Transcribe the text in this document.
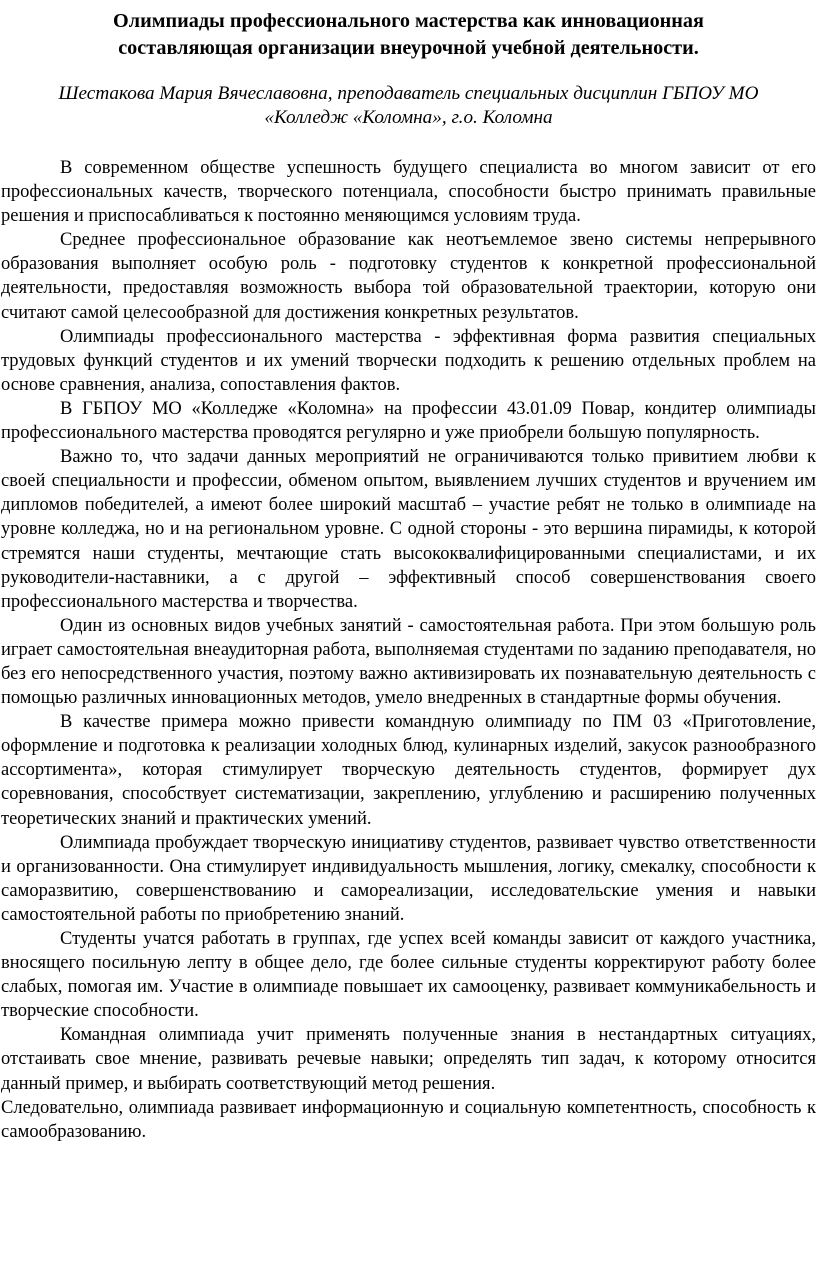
Олимпиады профессионального мастерства как инновационная
составляющая организации внеурочной учебной деятельности.
Шестакова Мария Вячеславовна, преподаватель специальных дисциплин ГБПОУ МО
«Колледж «Коломна», г.о. Коломна

В современном обществе успешность будущего специалиста во многом зависит от его профессиональных качеств, творческого потенциала, способности быстро принимать правильные решения и приспосабливаться к постоянно меняющимся условиям труда.

Среднее профессиональное образование как неотъемлемое звено системы непрерывного образования выполняет особую роль - подготовку студентов к конкретной профессиональной деятельности, предоставляя возможность выбора той образовательной траектории, которую они считают самой целесообразной для достижения конкретных результатов.

Олимпиады профессионального мастерства - эффективная форма развития специальных трудовых функций студентов и их умений творчески подходить к решению отдельных проблем на основе сравнения, анализа, сопоставления фактов.

В ГБПОУ МО «Колледже «Коломна» на профессии 43.01.09 Повар, кондитер олимпиады профессионального мастерства проводятся регулярно и уже приобрели большую популярность.

Важно то, что задачи данных мероприятий не ограничиваются только привитием любви к своей специальности и профессии, обменом опытом, выявлением лучших студентов и вручением им дипломов победителей, а имеют более широкий масштаб – участие ребят не только в олимпиаде на уровне колледжа, но и на региональном уровне. С одной стороны - это вершина пирамиды, к которой стремятся наши студенты, мечтающие стать высококвалифицированными специалистами, и их руководители-наставники, а с другой – эффективный способ совершенствования своего профессионального мастерства и творчества.

Один из основных видов учебных занятий - самостоятельная работа. При этом большую роль играет самостоятельная внеаудиторная работа, выполняемая студентами по заданию преподавателя, но без его непосредственного участия, поэтому важно активизировать их познавательную деятельность с помощью различных инновационных методов, умело внедренных в стандартные формы обучения.

В качестве примера можно привести командную олимпиаду по ПМ 03 «Приготовление, оформление и подготовка к реализации холодных блюд, кулинарных изделий, закусок разнообразного ассортимента», которая стимулирует творческую деятельность студентов, формирует дух соревнования, способствует систематизации, закреплению, углублению и расширению полученных теоретических знаний и практических умений.

Олимпиада пробуждает творческую инициативу студентов, развивает чувство ответственности и организованности. Она стимулирует индивидуальность мышления, логику, смекалку, способности к саморазвитию, совершенствованию и самореализации, исследовательские умения и навыки самостоятельной работы по приобретению знаний.

Студенты учатся работать в группах, где успех всей команды зависит от каждого участника, вносящего посильную лепту в общее дело, где более сильные студенты корректируют работу более слабых, помогая им. Участие в олимпиаде повышает их самооценку, развивает коммуникабельность и творческие способности.

Командная олимпиада учит применять полученные знания в нестандартных ситуациях, отстаивать свое мнение, развивать речевые навыки; определять тип задач, к которому относится данный пример, и выбирать соответствующий метод решения.

Следовательно, олимпиада развивает информационную и социальную компетентность, способность к самообразованию.
